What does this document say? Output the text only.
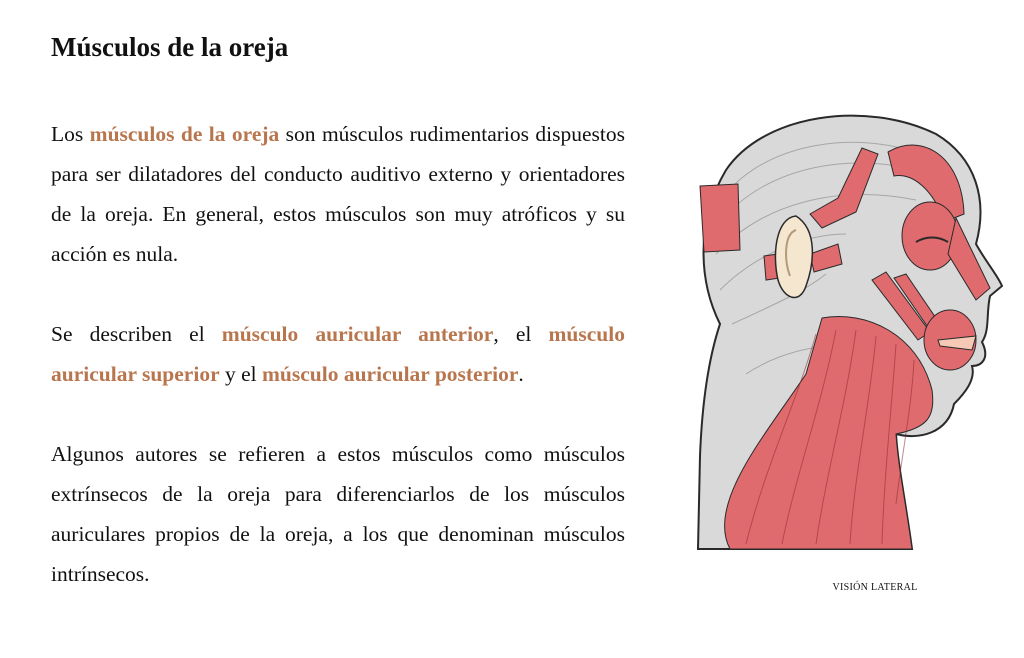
Músculos de la oreja

Los músculos de la oreja son músculos rudimentarios dispuestos para ser dilatadores del conducto auditivo externo y orientadores de la oreja. En general, estos músculos son muy atróficos y su acción es nula.

Se describen el músculo auricular anterior, el músculo auricular superior y el músculo auricular posterior.

Algunos autores se refieren a estos músculos como músculos extrínsecos de la oreja para diferenciarlos de los músculos auriculares propios de la oreja, a los que denominan músculos intrínsecos.

VISIÓN LATERAL
